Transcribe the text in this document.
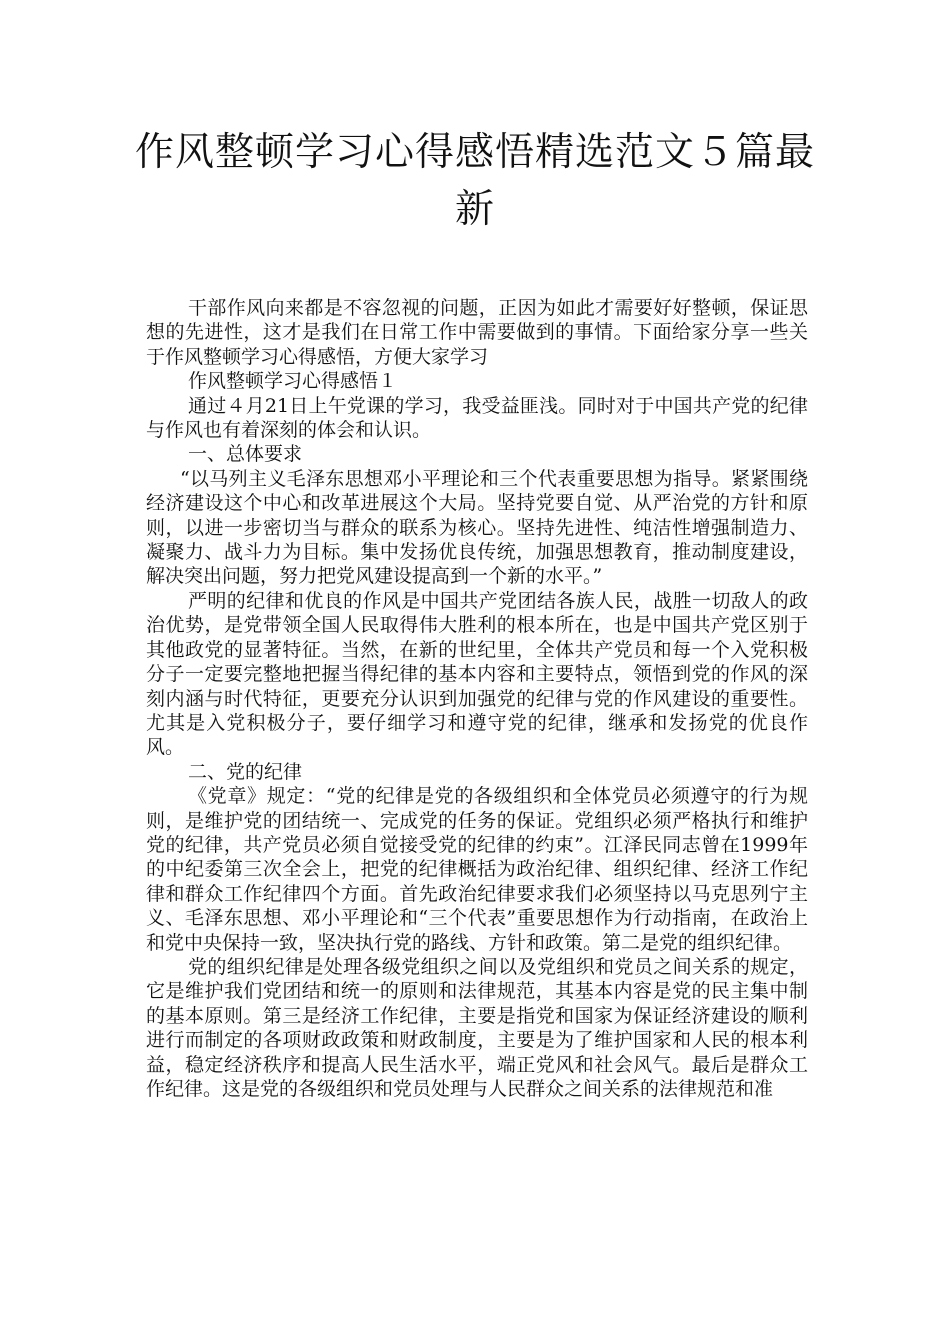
作风整顿学习心得感悟精选范文５篇最新

干部作风向来都是不容忽视的问题，正因为如此才需要好好整顿，保证思想的先进性，这才是我们在日常工作中需要做到的事情。下面给家分享一些关于作风整顿学习心得感悟，方便大家学习

作风整顿学习心得感悟１

通过４月21日上午党课的学习，我受益匪浅。同时对于中国共产党的纪律与作风也有着深刻的体会和认识。

一、总体要求

“以马列主义毛泽东思想邓小平理论和三个代表重要思想为指导。紧紧围绕经济建设这个中心和改革进展这个大局。坚持党要自觉、从严治党的方针和原则，以进一步密切当与群众的联系为核心。坚持先进性、纯洁性增强制造力、凝聚力、战斗力为目标。集中发扬优良传统，加强思想教育，推动制度建设，解决突出问题，努力把党风建设提高到一个新的水平。”

严明的纪律和优良的作风是中国共产党团结各族人民，战胜一切敌人的政治优势，是党带领全国人民取得伟大胜利的根本所在，也是中国共产党区别于其他政党的显著特征。当然，在新的世纪里，全体共产党员和每一个入党积极分子一定要完整地把握当得纪律的基本内容和主要特点，领悟到党的作风的深刻内涵与时代特征，更要充分认识到加强党的纪律与党的作风建设的重要性。尤其是入党积极分子，要仔细学习和遵守党的纪律，继承和发扬党的优良作风。

二、党的纪律

《党章》规定：“党的纪律是党的各级组织和全体党员必须遵守的行为规则，是维护党的团结统一、完成党的任务的保证。党组织必须严格执行和维护党的纪律，共产党员必须自觉接受党的纪律的约束”。江泽民同志曾在1999年的中纪委第三次全会上，把党的纪律概括为政治纪律、组织纪律、经济工作纪律和群众工作纪律四个方面。首先政治纪律要求我们必须坚持以马克思列宁主义、毛泽东思想、邓小平理论和“三个代表”重要思想作为行动指南，在政治上和党中央保持一致，坚决执行党的路线、方针和政策。第二是党的组织纪律。

党的组织纪律是处理各级党组织之间以及党组织和党员之间关系的规定，它是维护我们党团结和统一的原则和法律规范，其基本内容是党的民主集中制的基本原则。第三是经济工作纪律，主要是指党和国家为保证经济建设的顺利进行而制定的各项财政政策和财政制度，主要是为了维护国家和人民的根本利益，稳定经济秩序和提高人民生活水平，端正党风和社会风气。最后是群众工作纪律。这是党的各级组织和党员处理与人民群众之间关系的法律规范和准
